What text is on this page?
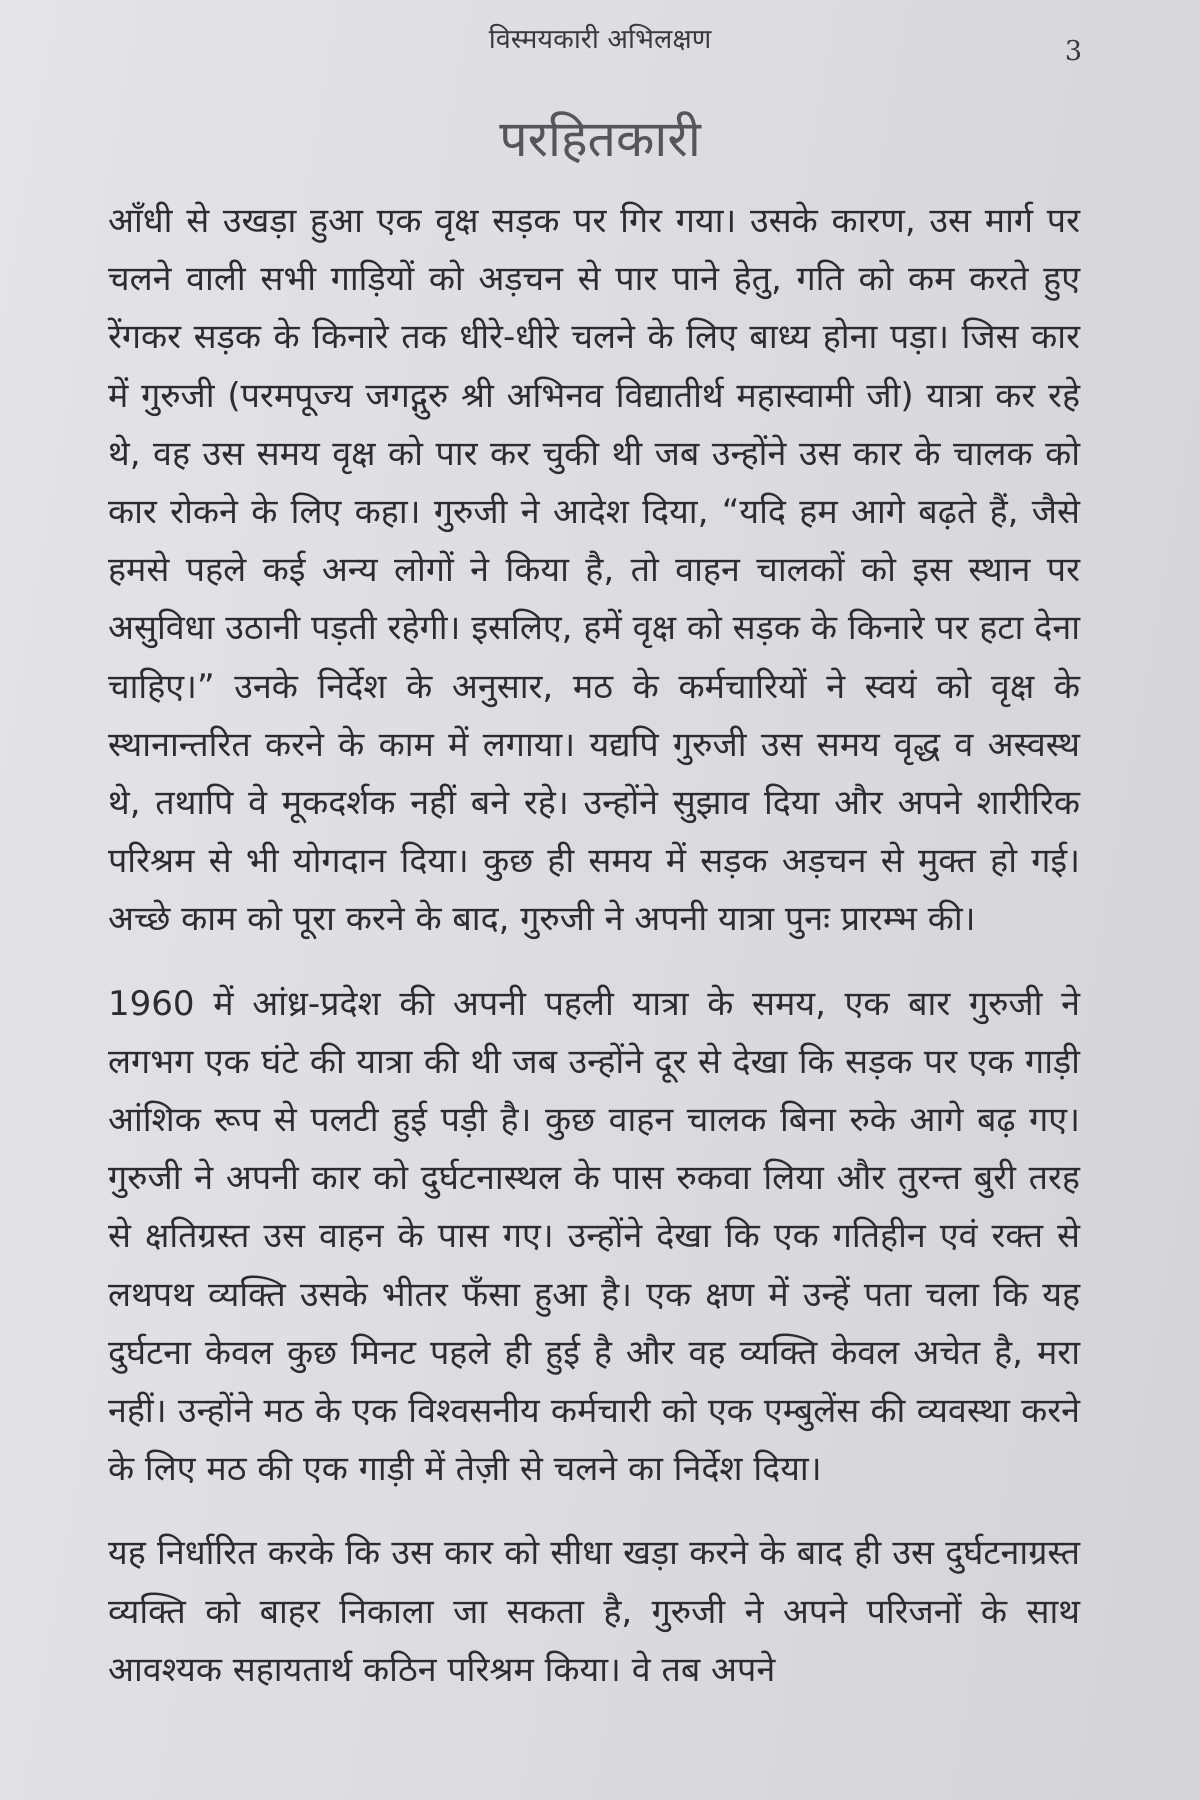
विस्मयकारी अभिलक्षण	3
परहितकारी

आँधी से उखड़ा हुआ एक वृक्ष सड़क पर गिर गया। उसके कारण, उस मार्ग पर चलने वाली सभी गाड़ियों को अड़चन से पार पाने हेतु, गति को कम करते हुए रेंगकर सड़क के किनारे तक धीरे-धीरे चलने के लिए बाध्य होना पड़ा। जिस कार में गुरुजी (परमपूज्य जगद्गुरु श्री अभिनव विद्यातीर्थ महास्वामी जी) यात्रा कर रहे थे, वह उस समय वृक्ष को पार कर चुकी थी जब उन्होंने उस कार के चालक को कार रोकने के लिए कहा। गुरुजी ने आदेश दिया, “यदि हम आगे बढ़ते हैं, जैसे हमसे पहले कई अन्य लोगों ने किया है, तो वाहन चालकों को इस स्थान पर असुविधा उठानी पड़ती रहेगी। इसलिए, हमें वृक्ष को सड़क के किनारे पर हटा देना चाहिए।” उनके निर्देश के अनुसार, मठ के कर्मचारियों ने स्वयं को वृक्ष के स्थानान्तरित करने के काम में लगाया। यद्यपि गुरुजी उस समय वृद्ध व अस्वस्थ थे, तथापि वे मूकदर्शक नहीं बने रहे। उन्होंने सुझाव दिया और अपने शारीरिक परिश्रम से भी योगदान दिया। कुछ ही समय में सड़क अड़चन से मुक्त हो गई। अच्छे काम को पूरा करने के बाद, गुरुजी ने अपनी यात्रा पुनः प्रारम्भ की।

1960 में आंध्र-प्रदेश की अपनी पहली यात्रा के समय, एक बार गुरुजी ने लगभग एक घंटे की यात्रा की थी जब उन्होंने दूर से देखा कि सड़क पर एक गाड़ी आंशिक रूप से पलटी हुई पड़ी है। कुछ वाहन चालक बिना रुके आगे बढ़ गए। गुरुजी ने अपनी कार को दुर्घटनास्थल के पास रुकवा लिया और तुरन्त बुरी तरह से क्षतिग्रस्त उस वाहन के पास गए। उन्होंने देखा कि एक गतिहीन एवं रक्त से लथपथ व्यक्ति उसके भीतर फँसा हुआ है। एक क्षण में उन्हें पता चला कि यह दुर्घटना केवल कुछ मिनट पहले ही हुई है और वह व्यक्ति केवल अचेत है, मरा नहीं। उन्होंने मठ के एक विश्वसनीय कर्मचारी को एक एम्बुलेंस की व्यवस्था करने के लिए मठ की एक गाड़ी में तेज़ी से चलने का निर्देश दिया।

यह निर्धारित करके कि उस कार को सीधा खड़ा करने के बाद ही उस दुर्घटनाग्रस्त व्यक्ति को बाहर निकाला जा सकता है, गुरुजी ने अपने परिजनों के साथ आवश्यक सहायतार्थ कठिन परिश्रम किया। वे तब अपने
